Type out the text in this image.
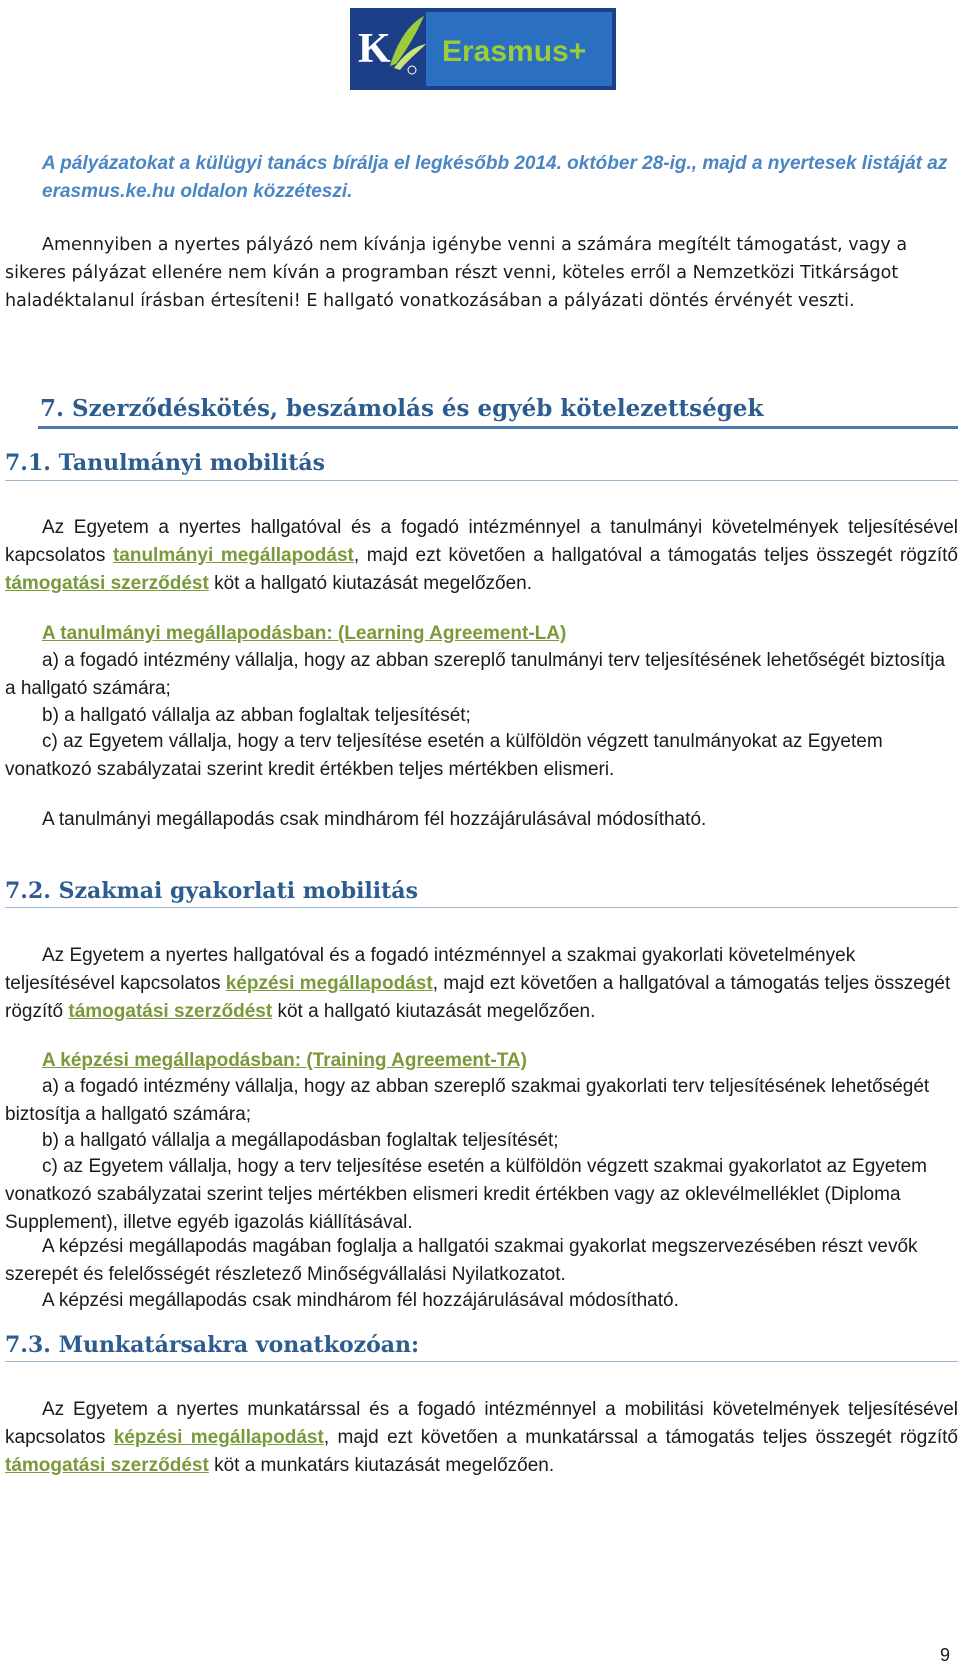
K Erasmus+

A pályázatokat a külügyi tanács bírálja el legkésőbb 2014. október 28-ig., majd a nyertesek listáját az erasmus.ke.hu oldalon közzéteszi.

Amennyiben a nyertes pályázó nem kívánja igénybe venni a számára megítélt támogatást, vagy a sikeres pályázat ellenére nem kíván a programban részt venni, köteles erről a Nemzetközi Titkárságot haladéktalanul írásban értesíteni! E hallgató vonatkozásában a pályázati döntés érvényét veszti.

7. Szerződéskötés, beszámolás és egyéb kötelezettségek
7.1. Tanulmányi mobilitás

Az Egyetem a nyertes hallgatóval és a fogadó intézménnyel a tanulmányi követelmények teljesítésével kapcsolatos tanulmányi megállapodást, majd ezt követően a hallgatóval a támogatás teljes összegét rögzítő támogatási szerződést köt a hallgató kiutazását megelőzően.

A tanulmányi megállapodásban: (Learning Agreement-LA)

a) a fogadó intézmény vállalja, hogy az abban szereplő tanulmányi terv teljesítésének lehetőségét biztosítja a hallgató számára;

b) a hallgató vállalja az abban foglaltak teljesítését;

c) az Egyetem vállalja, hogy a terv teljesítése esetén a külföldön végzett tanulmányokat az Egyetem vonatkozó szabályzatai szerint kredit értékben teljes mértékben elismeri.

A tanulmányi megállapodás csak mindhárom fél hozzájárulásával módosítható.

7.2. Szakmai gyakorlati mobilitás

Az Egyetem a nyertes hallgatóval és a fogadó intézménnyel a szakmai gyakorlati követelmények teljesítésével kapcsolatos képzési megállapodást, majd ezt követően a hallgatóval a támogatás teljes összegét rögzítő támogatási szerződést köt a hallgató kiutazását megelőzően.

A képzési megállapodásban: (Training Agreement-TA)

a) a fogadó intézmény vállalja, hogy az abban szereplő szakmai gyakorlati terv teljesítésének lehetőségét biztosítja a hallgató számára;

b) a hallgató vállalja a megállapodásban foglaltak teljesítését;

c) az Egyetem vállalja, hogy a terv teljesítése esetén a külföldön végzett szakmai gyakorlatot az Egyetem vonatkozó szabályzatai szerint teljes mértékben elismeri kredit értékben vagy az oklevélmelléklet (Diploma Supplement), illetve egyéb igazolás kiállításával.

A képzési megállapodás magában foglalja a hallgatói szakmai gyakorlat megszervezésében részt vevők szerepét és felelősségét részletező Minőségvállalási Nyilatkozatot.

A képzési megállapodás csak mindhárom fél hozzájárulásával módosítható.

7.3. Munkatársakra vonatkozóan:

Az Egyetem a nyertes munkatárssal és a fogadó intézménnyel a mobilitási követelmények teljesítésével kapcsolatos képzési megállapodást, majd ezt követően a munkatárssal a támogatás teljes összegét rögzítő támogatási szerződést köt a munkatárs kiutazását megelőzően.

9
